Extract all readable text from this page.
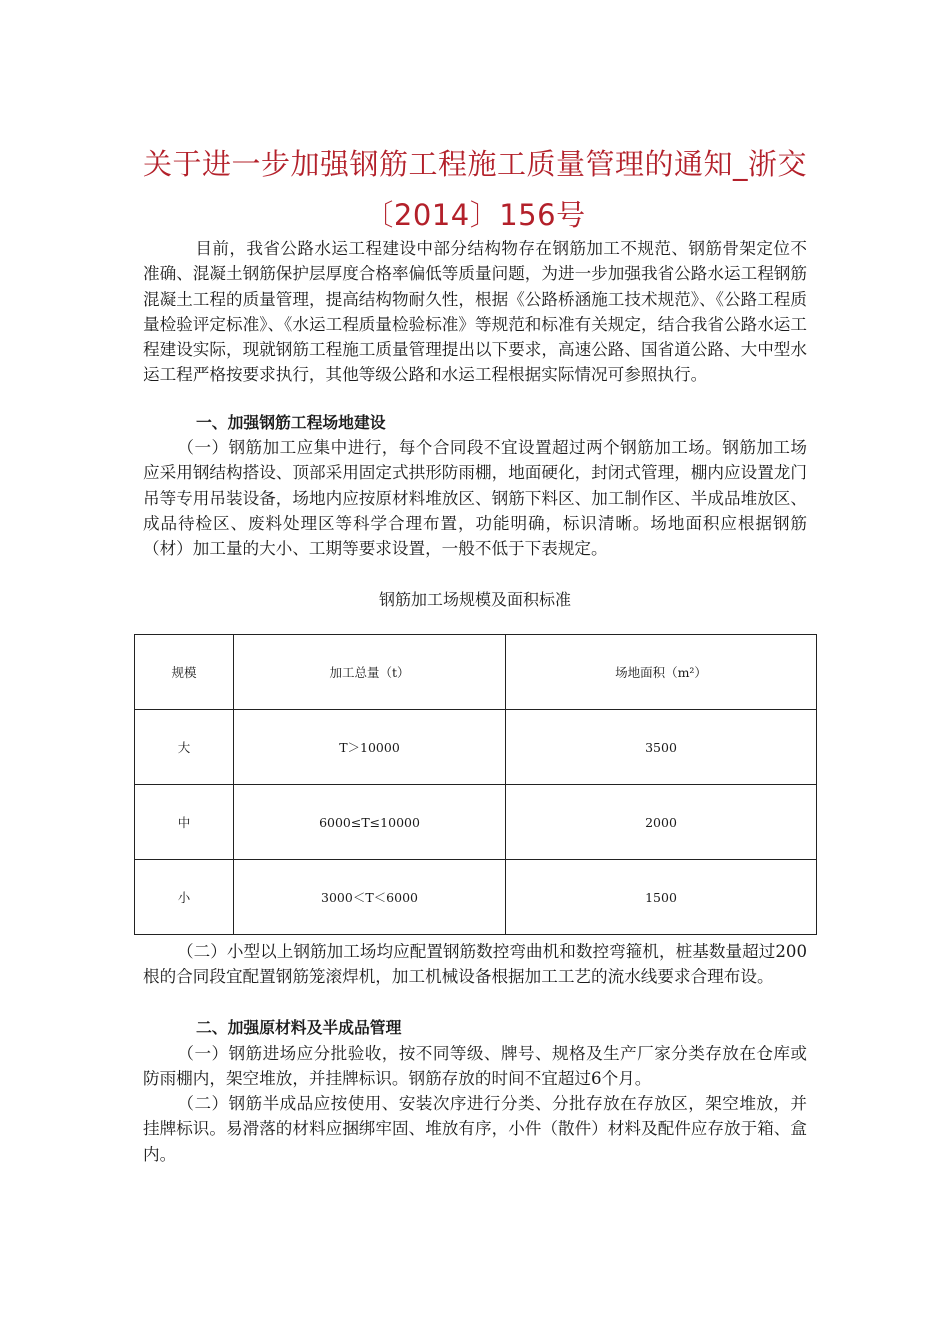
关于进一步加强钢筋工程施工质量管理的通知_浙交
〔2014〕156号

目前，我省公路水运工程建设中部分结构物存在钢筋加工不规范、钢筋骨架定位不准确、混凝土钢筋保护层厚度合格率偏低等质量问题，为进一步加强我省公路水运工程钢筋混凝土工程的质量管理，提高结构物耐久性，根据《公路桥涵施工技术规范》、《公路工程质量检验评定标准》、《水运工程质量检验标准》等规范和标准有关规定，结合我省公路水运工程建设实际，现就钢筋工程施工质量管理提出以下要求，高速公路、国省道公路、大中型水运工程严格按要求执行，其他等级公路和水运工程根据实际情况可参照执行。

一、加强钢筋工程场地建设

（一）钢筋加工应集中进行，每个合同段不宜设置超过两个钢筋加工场。钢筋加工场应采用钢结构搭设、顶部采用固定式拱形防雨棚，地面硬化，封闭式管理，棚内应设置龙门吊等专用吊装设备，场地内应按原材料堆放区、钢筋下料区、加工制作区、半成品堆放区、成品待检区、废料处理区等科学合理布置，功能明确，标识清晰。场地面积应根据钢筋（材）加工量的大小、工期等要求设置，一般不低于下表规定。

钢筋加工场规模及面积标准

规模	加工总量（t）	场地面积（m²）
大	T＞10000	3500
中	6000≤T≤10000	2000
小	3000＜T＜6000	1500

（二）小型以上钢筋加工场均应配置钢筋数控弯曲机和数控弯箍机，桩基数量超过200根的合同段宜配置钢筋笼滚焊机，加工机械设备根据加工工艺的流水线要求合理布设。

二、加强原材料及半成品管理

（一）钢筋进场应分批验收，按不同等级、牌号、规格及生产厂家分类存放在仓库或防雨棚内，架空堆放，并挂牌标识。钢筋存放的时间不宜超过6个月。

（二）钢筋半成品应按使用、安装次序进行分类、分批存放在存放区，架空堆放，并挂牌标识。易滑落的材料应捆绑牢固、堆放有序，小件（散件）材料及配件应存放于箱、盒内。
